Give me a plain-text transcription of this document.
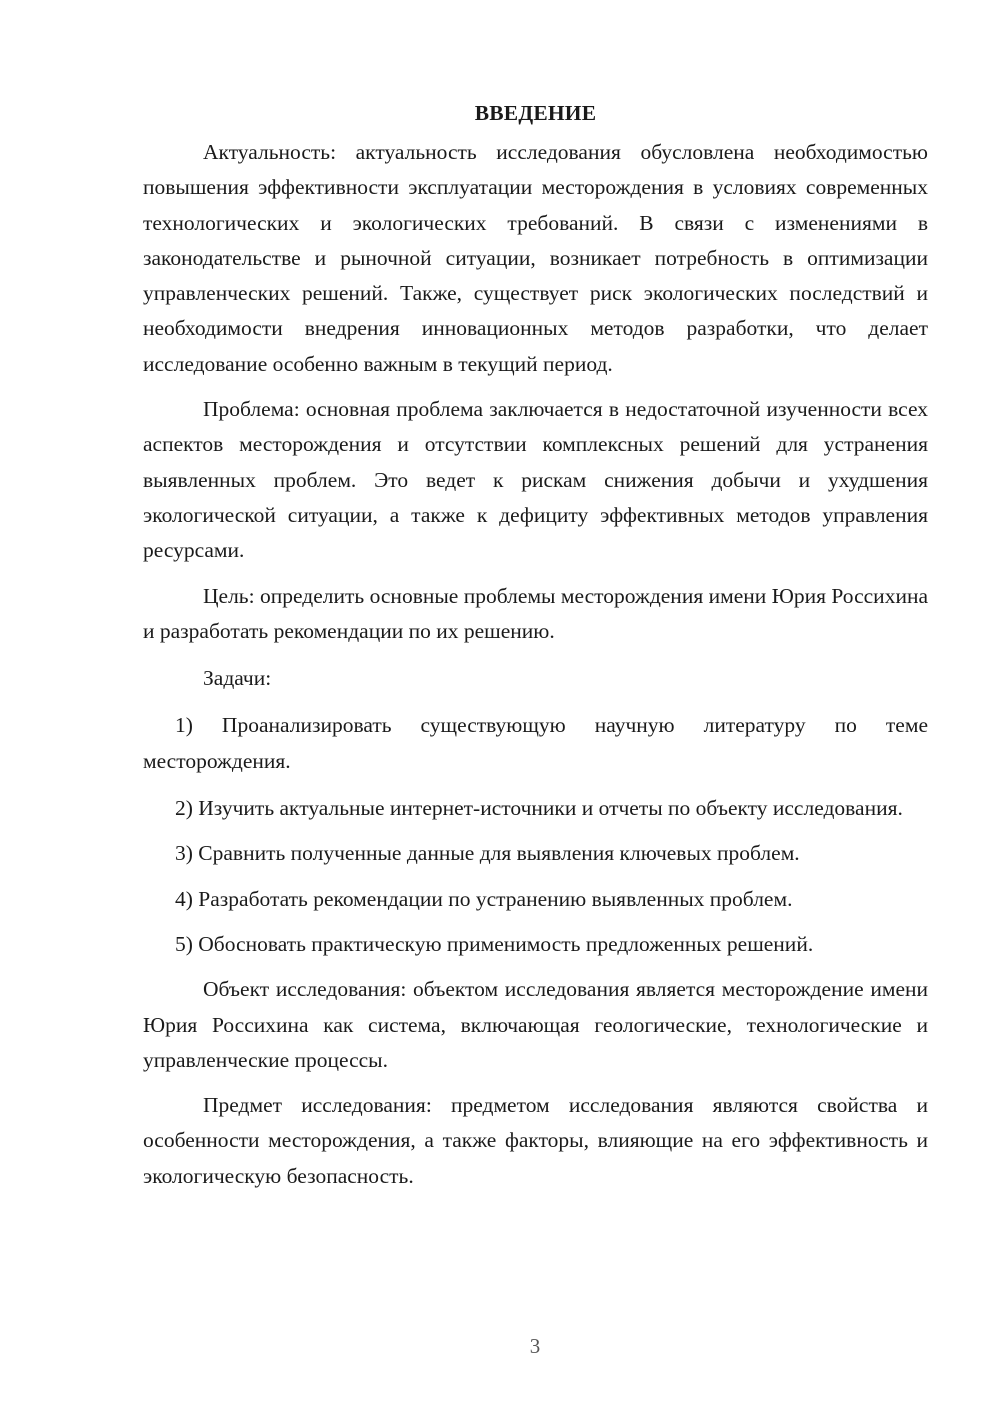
ВВЕДЕНИЕ

Актуальность: актуальность исследования обусловлена необходимостью повышения эффективности эксплуатации месторождения в условиях современных технологических и экологических требований. В связи с изменениями в законодательстве и рыночной ситуации, возникает потребность в оптимизации управленческих решений. Также, существует риск экологических последствий и необходимости внедрения инновационных методов разработки, что делает исследование особенно важным в текущий период.

Проблема: основная проблема заключается в недостаточной изученности всех аспектов месторождения и отсутствии комплексных решений для устранения выявленных проблем. Это ведет к рискам снижения добычи и ухудшения экологической ситуации, а также к дефициту эффективных методов управления ресурсами.

Цель: определить основные проблемы месторождения имени Юрия Россихина и разработать рекомендации по их решению.

Задачи:

1) Проанализировать существующую научную литературу по теме месторождения.

2) Изучить актуальные интернет-источники и отчеты по объекту исследования.

3) Сравнить полученные данные для выявления ключевых проблем.

4) Разработать рекомендации по устранению выявленных проблем.

5) Обосновать практическую применимость предложенных решений.

Объект исследования: объектом исследования является месторождение имени Юрия Россихина как система, включающая геологические, технологические и управленческие процессы.

Предмет исследования: предметом исследования являются свойства и особенности месторождения, а также факторы, влияющие на его эффективность и экологическую безопасность.

3
